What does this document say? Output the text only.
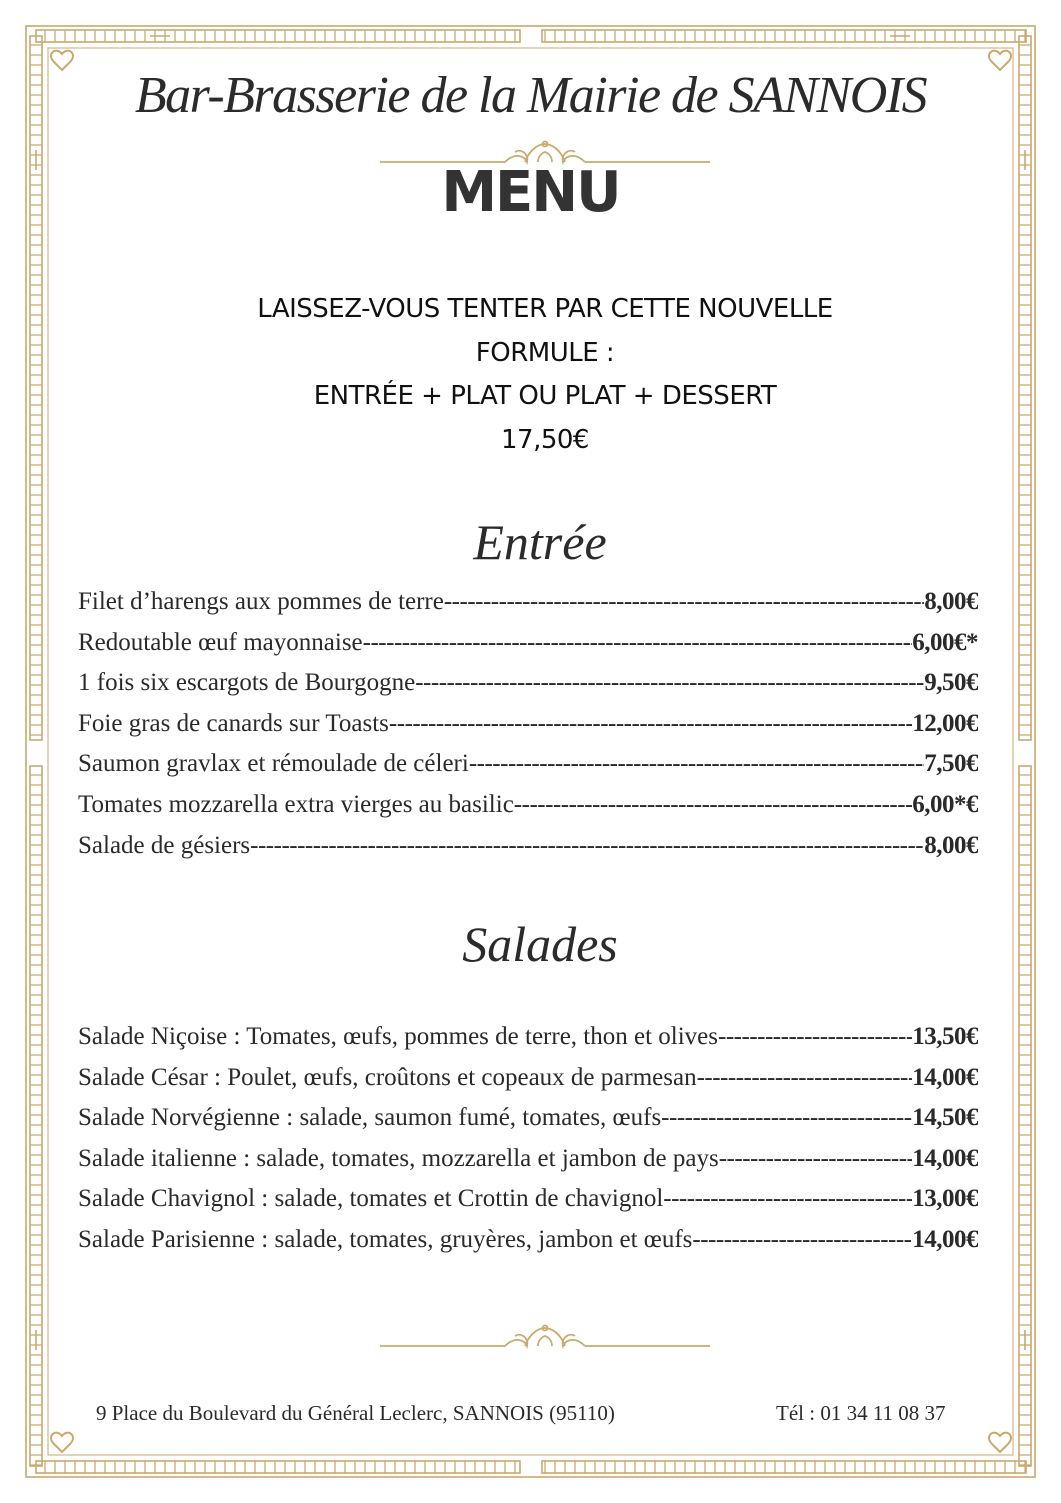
Bar-Brasserie de la Mairie de SANNOIS
MENU
LAISSEZ-VOUS TENTER PAR CETTE NOUVELLE
FORMULE :
ENTRÉE + PLAT OU PLAT + DESSERT
17,50€
Entrée
Filet d’harengs aux pommes de terre -----	8,00€
Redoutable œuf mayonnaise -----	6,00€*
1 fois six escargots de Bourgogne -----	9,50€
Foie gras de canards sur Toasts -----	12,00€
Saumon gravlax et rémoulade de céleri -----	7,50€
Tomates mozzarella extra vierges au basilic -----	6,00*€
Salade de gésiers -----	8,00€
Salades
Salade Niçoise : Tomates, œufs, pommes de terre, thon et olives -----	13,50€
Salade César : Poulet, œufs, croûtons et copeaux de parmesan -----	14,00€
Salade Norvégienne : salade, saumon fumé, tomates, œufs -----	14,50€
Salade italienne : salade, tomates, mozzarella et jambon de pays -----	14,00€
Salade Chavignol : salade, tomates et Crottin de chavignol -----	13,00€
Salade Parisienne : salade, tomates, gruyères, jambon et œufs -----	14,00€
9 Place du Boulevard du Général Leclerc, SANNOIS (95110)	Tél : 01 34 11 08 37
